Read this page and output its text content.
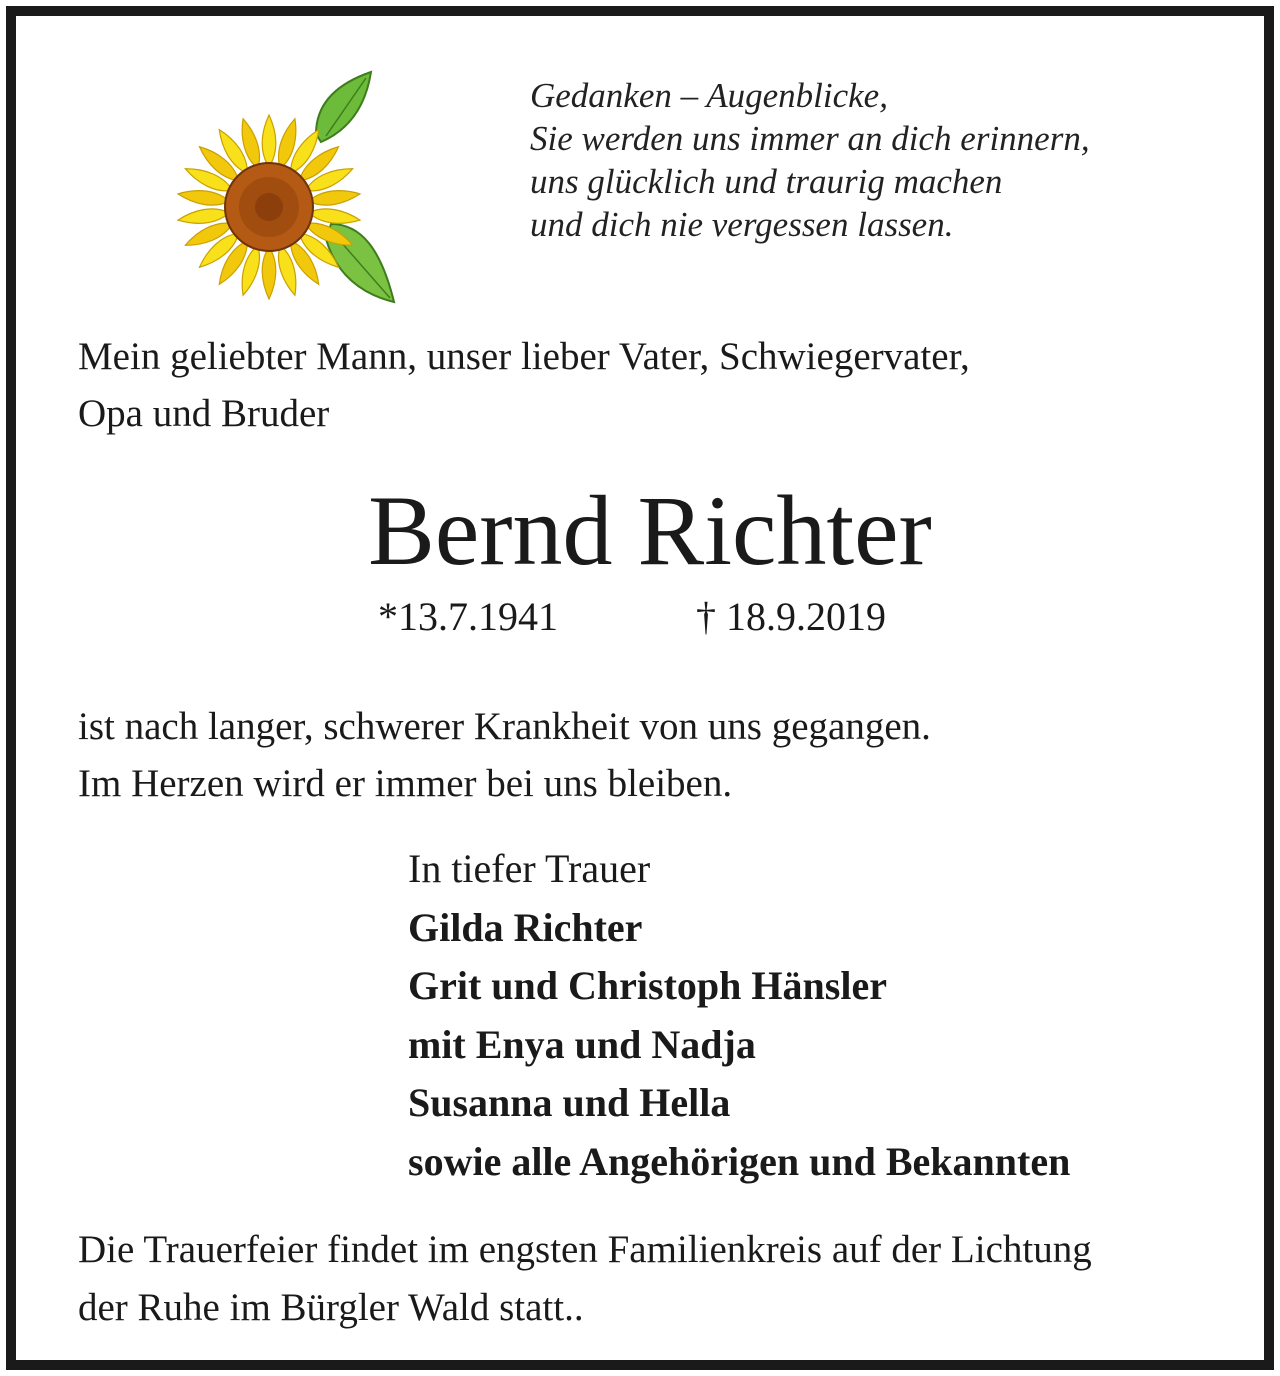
Gedanken – Augenblicke,
Sie werden uns immer an dich erinnern,
uns glücklich und traurig machen
und dich nie vergessen lassen.
Mein geliebter Mann, unser lieber Vater, Schwiegervater,
Opa und Bruder
Bernd Richter
*13.7.1941	† 18.9.2019
ist nach langer, schwerer Krankheit von uns gegangen.
Im Herzen wird er immer bei uns bleiben.
In tiefer Trauer
Gilda Richter
Grit und Christoph Hänsler
mit Enya und Nadja
Susanna und Hella
sowie alle Angehörigen und Bekannten
Die Trauerfeier findet im engsten Familienkreis auf der Lichtung
der Ruhe im Bürgler Wald statt..
